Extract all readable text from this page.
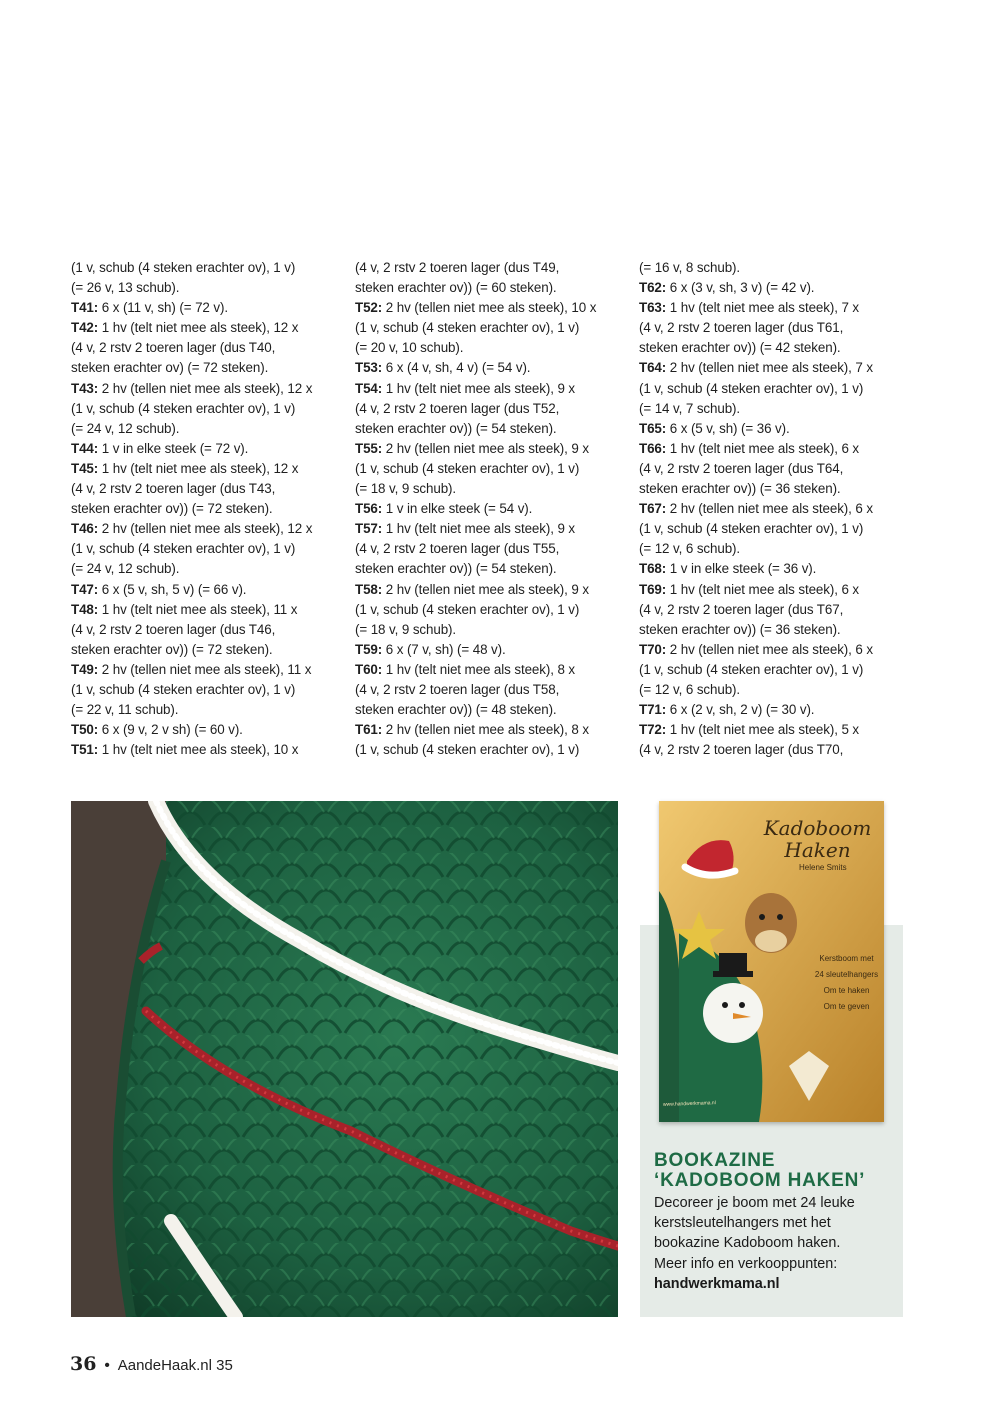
(1 v, schub (4 steken erachter ov), 1 v)
(= 26 v, 13 schub).
T41: 6 x (11 v, sh) (= 72 v).
T42: 1 hv (telt niet mee als steek), 12 x
(4 v, 2 rstv 2 toeren lager (dus T40,
steken erachter ov) (= 72 steken).
T43: 2 hv (tellen niet mee als steek), 12 x
(1 v, schub (4 steken erachter ov), 1 v)
(= 24 v, 12 schub).
T44: 1 v in elke steek (= 72 v).
T45: 1 hv (telt niet mee als steek), 12 x
(4 v, 2 rstv 2 toeren lager (dus T43,
steken erachter ov)) (= 72 steken).
T46: 2 hv (tellen niet mee als steek), 12 x
(1 v, schub (4 steken erachter ov), 1 v)
(= 24 v, 12 schub).
T47: 6 x (5 v, sh, 5 v) (= 66 v).
T48: 1 hv (telt niet mee als steek), 11 x
(4 v, 2 rstv 2 toeren lager (dus T46,
steken erachter ov)) (= 72 steken).
T49: 2 hv (tellen niet mee als steek), 11 x
(1 v, schub (4 steken erachter ov), 1 v)
(= 22 v, 11 schub).
T50: 6 x (9 v, 2 v sh) (= 60 v).
T51: 1 hv (telt niet mee als steek), 10 x
(4 v, 2 rstv 2 toeren lager (dus T49,
steken erachter ov)) (= 60 steken).
T52: 2 hv (tellen niet mee als steek), 10 x
(1 v, schub (4 steken erachter ov), 1 v)
(= 20 v, 10 schub).
T53: 6 x (4 v, sh, 4 v) (= 54 v).
T54: 1 hv (telt niet mee als steek), 9 x
(4 v, 2 rstv 2 toeren lager (dus T52,
steken erachter ov)) (= 54 steken).
T55: 2 hv (tellen niet mee als steek), 9 x
(1 v, schub (4 steken erachter ov), 1 v)
(= 18 v, 9 schub).
T56: 1 v in elke steek (= 54 v).
T57: 1 hv (telt niet mee als steek), 9 x
(4 v, 2 rstv 2 toeren lager (dus T55,
steken erachter ov)) (= 54 steken).
T58: 2 hv (tellen niet mee als steek), 9 x
(1 v, schub (4 steken erachter ov), 1 v)
(= 18 v, 9 schub).
T59: 6 x (7 v, sh) (= 48 v).
T60: 1 hv (telt niet mee als steek), 8 x
(4 v, 2 rstv 2 toeren lager (dus T58,
steken erachter ov)) (= 48 steken).
T61: 2 hv (tellen niet mee als steek), 8 x
(1 v, schub (4 steken erachter ov), 1 v)
(= 16 v, 8 schub).
T62: 6 x (3 v, sh, 3 v) (= 42 v).
T63: 1 hv (telt niet mee als steek), 7 x
(4 v, 2 rstv 2 toeren lager (dus T61,
steken erachter ov)) (= 42 steken).
T64: 2 hv (tellen niet mee als steek), 7 x
(1 v, schub (4 steken erachter ov), 1 v)
(= 14 v, 7 schub).
T65: 6 x (5 v, sh) (= 36 v).
T66: 1 hv (telt niet mee als steek), 6 x
(4 v, 2 rstv 2 toeren lager (dus T64,
steken erachter ov)) (= 36 steken).
T67: 2 hv (tellen niet mee als steek), 6 x
(1 v, schub (4 steken erachter ov), 1 v)
(= 12 v, 6 schub).
T68: 1 v in elke steek (= 36 v).
T69: 1 hv (telt niet mee als steek), 6 x
(4 v, 2 rstv 2 toeren lager (dus T67,
steken erachter ov)) (= 36 steken).
T70: 2 hv (tellen niet mee als steek), 6 x
(1 v, schub (4 steken erachter ov), 1 v)
(= 12 v, 6 schub).
T71: 6 x (2 v, sh, 2 v) (= 30 v).
T72: 1 hv (telt niet mee als steek), 5 x
(4 v, 2 rstv 2 toeren lager (dus T70,
Kadoboom
Haken
Helene Smits
Kerstboom met
24 sleutelhangers
Om te haken
Om te geven
www.handwerkmama.nl
BOOKAZINE
‘KADOBOOM HAKEN’
Decoreer je boom met 24 leuke
kerstsleutelhangers met het
bookazine Kadoboom haken.
Meer info en verkooppunten:
handwerkmama.nl
36 • AandeHaak.nl 35
